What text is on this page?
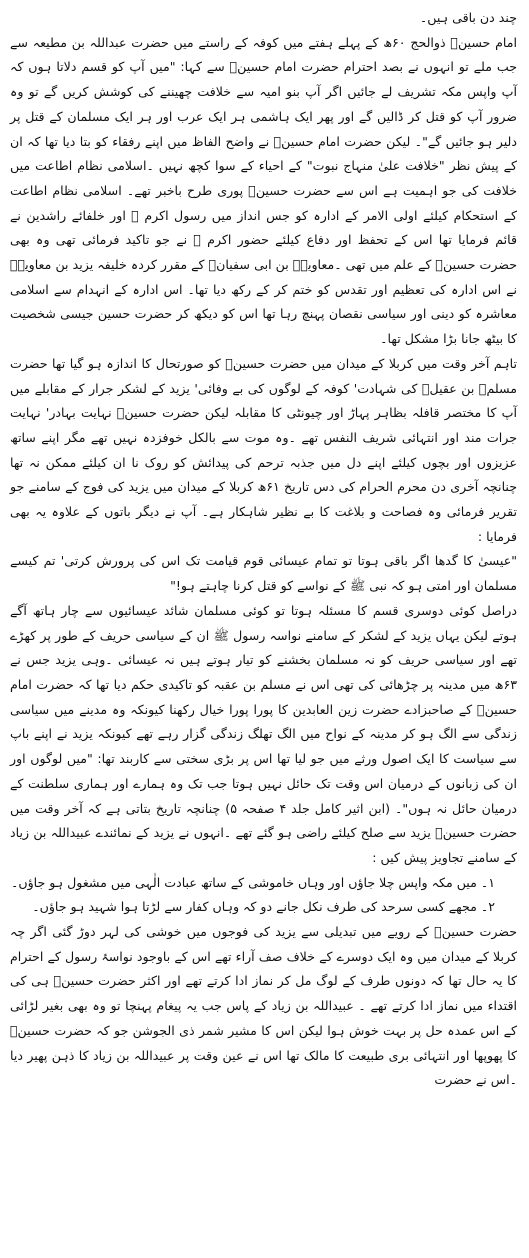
چند دن باقی ہیں۔

امام حسینؓ ذوالحج ۶۰ھ کے پہلے ہفتے میں کوفہ کے راستے میں حضرت عبداللہ بن مطیعہ سے جب ملے تو انہوں نے بصد احترام حضرت امام حسینؓ سے کہا: "میں آپ کو قسم دلاتا ہوں کہ آپ واپس مکہ تشریف لے جائیں اگر آپ بنو امیہ سے خلافت چھیننے کی کوشش کریں گے تو وہ ضرور آپ کو قتل کر ڈالیں گے اور پھر ایک ہاشمی ہر ایک عرب اور ہر ایک مسلمان کے قتل پر دلیر ہو جائیں گے"۔ لیکن حضرت امام حسینؓ نے واضح الفاظ میں اپنے رفقاء کو بتا دیا تھا کہ ان کے پیش نظر "خلافت علیٰ منہاج نبوت" کے احیاء کے سوا کچھ نہیں ۔اسلامی نظام اطاعت میں خلافت کی جو اہمیت ہے اس سے حضرت حسینؓ پوری طرح باخبر تھے۔ اسلامی نظام اطاعت کے استحکام کیلئے اولی الامر کے ادارہ کو جس انداز میں رسول اکرم ﷺ اور خلفائے راشدین نے قائم فرمایا تھا اس کے تحفظ اور دفاع کیلئے حضور اکرم ﷺ نے جو تاکید فرمائی تھی وہ بھی حضرت حسینؓ کے علم میں تھی ۔معاویہؓ بن ابی سفیانؓ کے مقرر کردہ خلیفہ یزید بن معاویہؓ نے اس ادارہ کی تعظیم اور تقدس کو ختم کر کے رکھ دیا تھا۔ اس ادارہ کے انہدام سے اسلامی معاشرہ کو دینی اور سیاسی نقصان پہنچ رہا تھا اس کو دیکھ کر حضرت حسین جیسی شخصیت کا بیٹھ جانا بڑا مشکل تھا۔

تاہم آخر وقت میں کربلا کے میدان میں حضرت حسینؓ کو صورتحال کا اندازہ ہو گیا تھا حضرت مسلمؓ بن عقیلؓ کی شہادت' کوفہ کے لوگوں کی بے وفائی' یزید کے لشکر جرار کے مقابلے میں آپ کا مختصر قافلہ بظاہر پہاڑ اور چیونٹی کا مقابلہ لیکن حضرت حسینؓ نہایت بہادر' نہایت جرات مند اور انتہائی شریف النفس تھے ۔وہ موت سے بالکل خوفزدہ نہیں تھے مگر اپنے ساتھ عزیزوں اور بچوں کیلئے اپنے دل میں جذبہ ترحم کی پیدائش کو روک نا ان کیلئے ممکن نہ تھا چنانچہ آخری دن محرم الحرام کی دس تاریخ ۶۱ھ کربلا کے میدان میں یزید کی فوج کے سامنے جو تقریر فرمائی وہ فصاحت و بلاغت کا بے نظیر شاہکار ہے۔ آپ نے دیگر باتوں کے علاوہ یہ بھی فرمایا :

"عیسیٰ کا گدھا اگر باقی ہوتا تو تمام عیسائی قوم قیامت تک اس کی پرورش کرتی' تم کیسے مسلمان اور امتی ہو کہ نبی ﷺ کے نواسے کو قتل کرنا چاہتے ہو!"

دراصل کوئی دوسری قسم کا مسئلہ ہوتا تو کوئی مسلمان شائد عیسائیوں سے چار ہاتھ آگے ہوتے لیکن یہاں یزید کے لشکر کے سامنے نواسہ رسول ﷺ ان کے سیاسی حریف کے طور پر کھڑے تھے اور سیاسی حریف کو نہ مسلمان بخشنے کو تیار ہوتے ہیں نہ عیسائی ۔وہی یزید جس نے ۶۳ھ میں مدینہ پر چڑھائی کی تھی اس نے مسلم بن عقبہ کو تاکیدی حکم دیا تھا کہ حضرت امام حسینؓ کے صاحبزادے حضرت زین العابدین کا پورا پورا خیال رکھنا کیونکہ وہ مدینے میں سیاسی زندگی سے الگ ہو کر مدینہ کے نواح میں الگ تھلگ زندگی گزار رہے تھے کیونکہ یزید نے اپنے باپ سے سیاست کا ایک اصول ورثے میں جو لیا تھا اس پر بڑی سختی سے کاربند تھا: "میں لوگوں اور ان کی زبانوں کے درمیان اس وقت تک حائل نہیں ہوتا جب تک وہ ہمارے اور ہماری سلطنت کے درمیان حائل نہ ہوں"۔ (ابن اثیر کامل جلد ۴ صفحہ ۵) چنانچہ تاریخ بتاتی ہے کہ آخر وقت میں حضرت حسینؓ یزید سے صلح کیلئے راضی ہو گئے تھے ۔انہوں نے یزید کے نمائندے عبیداللہ بن زیاد کے سامنے تجاویز پیش کیں :

۱۔ میں مکہ واپس چلا جاؤں اور وہاں خاموشی کے ساتھ عبادت الٰہی میں مشغول ہو جاؤں۔

۲۔ مجھے کسی سرحد کی طرف نکل جانے دو کہ وہاں کفار سے لڑتا ہوا شہید ہو جاؤں۔

حضرت حسینؓ کے رویے میں تبدیلی سے یزید کی فوجوں میں خوشی کی لہر دوڑ گئی اگر چہ کربلا کے میدان میں وہ ایک دوسرے کے خلاف صف آراء تھے اس کے باوجود نواسۂ رسول کے احترام کا یہ حال تھا کہ دونوں طرف کے لوگ مل کر نماز ادا کرتے تھے اور اکثر حضرت حسینؓ ہی کی اقتداء میں نماز ادا کرتے تھے ۔ عبیداللہ بن زیاد کے پاس جب یہ پیغام پہنچا تو وہ بھی بغیر لڑائی کے اس عمدہ حل پر بہت خوش ہوا لیکن اس کا مشیر شمر ذی الجوشن جو کہ حضرت حسینؓ کا پھوپھا اور انتہائی بری طبیعت کا مالک تھا اس نے عین وقت پر عبیداللہ بن زیاد کا ذہن پھیر دیا ۔اس نے حضرت
